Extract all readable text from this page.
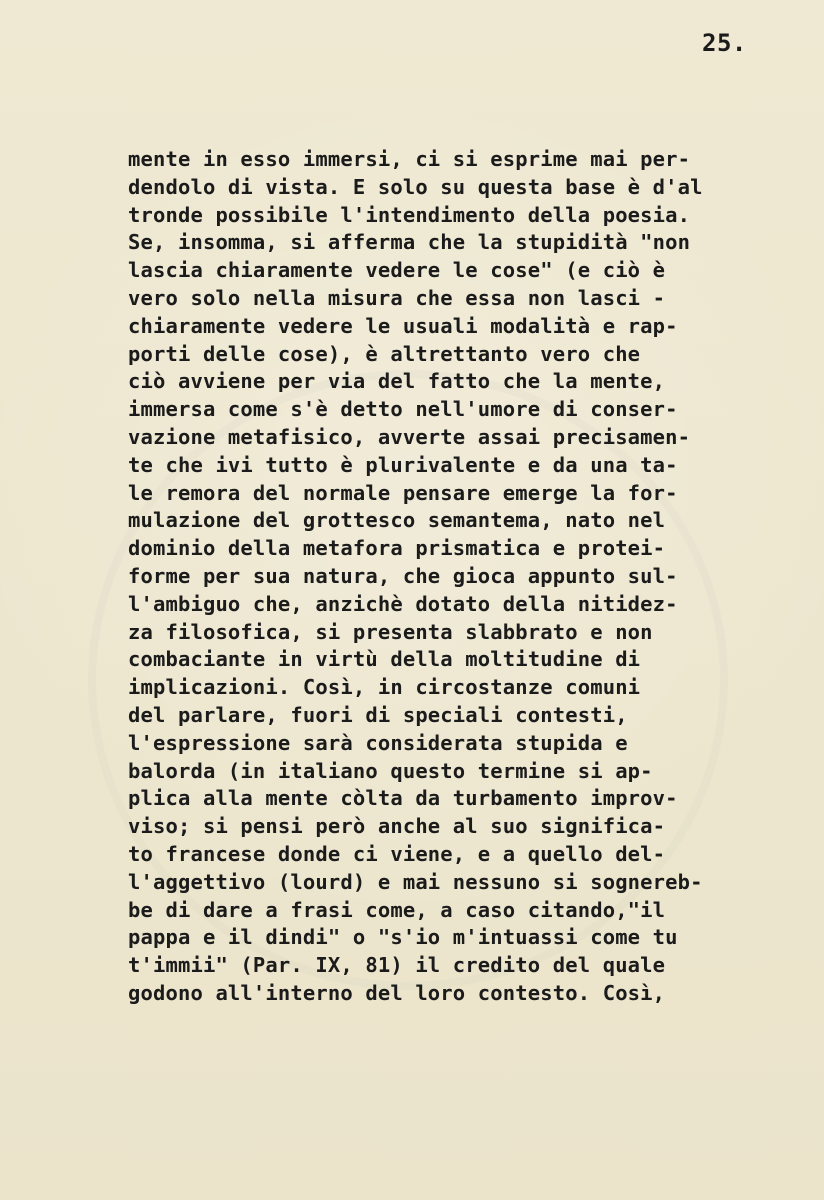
25.
mente in esso immersi, ci si esprime mai per-
dendolo di vista. E solo su questa base è d'al
tronde possibile l'intendimento della poesia.
Se, insomma, si afferma che la stupidità "non
lascia chiaramente vedere le cose" (e ciò è
vero solo nella misura che essa non lasci -
chiaramente vedere le usuali modalità e rap-
porti delle cose), è altrettanto vero che
ciò avviene per via del fatto che la mente,
immersa come s'è detto nell'umore di conser-
vazione metafisico, avverte assai precisamen-
te che ivi tutto è plurivalente e da una ta-
le remora del normale pensare emerge la for-
mulazione del grottesco semantema, nato nel
dominio della metafora prismatica e protei-
forme per sua natura, che gioca appunto sul-
l'ambiguo che, anzichè dotato della nitidez-
za filosofica, si presenta slabbrato e non
combaciante in virtù della moltitudine di
implicazioni. Così, in circostanze comuni
del parlare, fuori di speciali contesti,
l'espressione sarà considerata stupida e
balorda (in italiano questo termine si ap-
plica alla mente còlta da turbamento improv-
viso; si pensi però anche al suo significa-
to francese donde ci viene, e a quello del-
l'aggettivo (lourd) e mai nessuno si sognereb-
be di dare a frasi come, a caso citando,"il
pappa e il dindi" o "s'io m'intuassi come tu
t'immii" (Par. IX, 81) il credito del quale
godono all'interno del loro contesto. Così,
